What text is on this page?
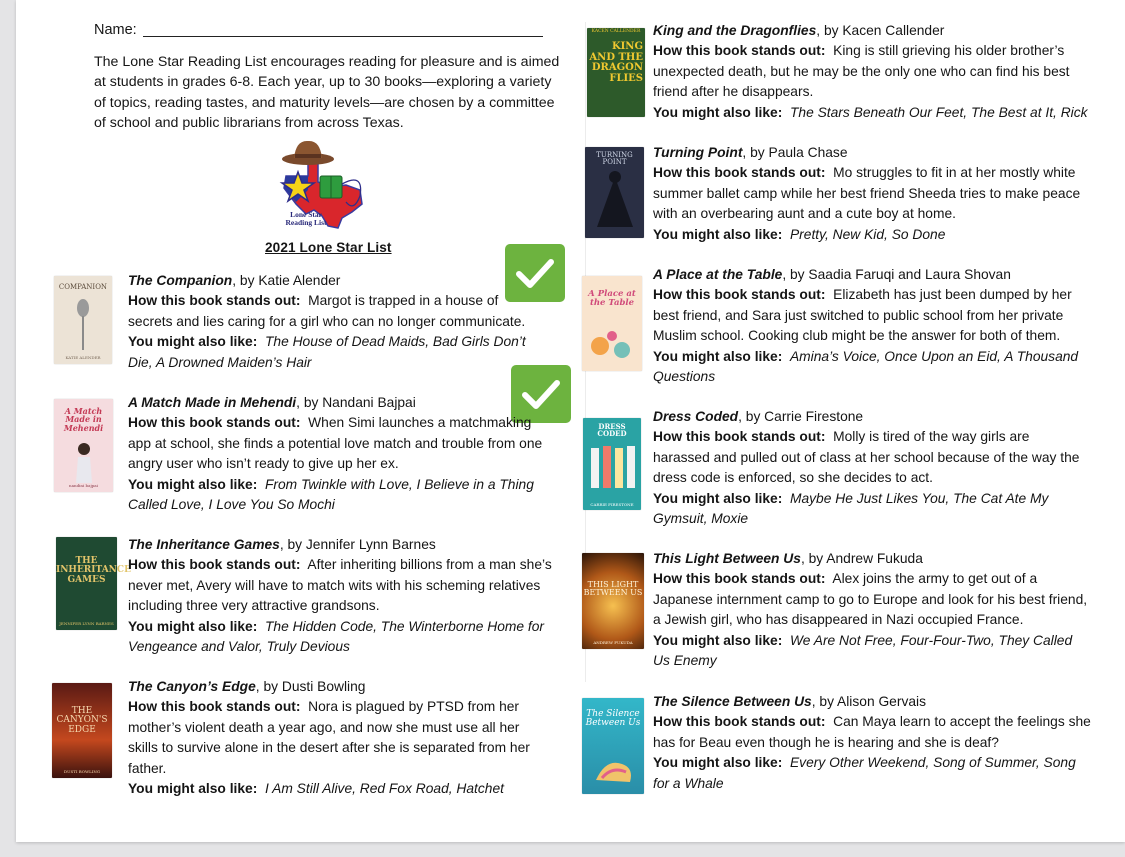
Name:
The Lone Star Reading List encourages reading for pleasure and is aimed at students in grades 6-8. Each year, up to 30 books—exploring a variety of topics, reading tastes, and maturity levels—are chosen by a committee of school and public librarians from across Texas.
Lone Star
Reading List
2021 Lone Star List
COMPANION
KATIE ALENDER
The Companion, by Katie Alender
How this book stands out: Margot is trapped in a house of secrets and lies caring for a girl who can no longer communicate.
You might also like: The House of Dead Maids, Bad Girls Don’t Die, A Drowned Maiden’s Hair
A Match Made in Mehendi
nandini bajpai
A Match Made in Mehendi, by Nandani Bajpai
How this book stands out: When Simi launches a matchmaking app at school, she finds a potential love match and trouble from one angry user who isn’t ready to give up her ex.
You might also like: From Twinkle with Love, I Believe in a Thing Called Love, I Love You So Mochi
THE INHERITANCE GAMES
JENNIFER LYNN BARNES
The Inheritance Games, by Jennifer Lynn Barnes
How this book stands out: After inheriting billions from a man she’s never met, Avery will have to match wits with his scheming relatives including three very attractive grandsons.
You might also like: The Hidden Code, The Winterborne Home for Vengeance and Valor, Truly Devious
THE CANYON'S EDGE
DUSTI BOWLING
The Canyon’s Edge, by Dusti Bowling
How this book stands out: Nora is plagued by PTSD from her mother’s violent death a year ago, and now she must use all her skills to survive alone in the desert after she is separated from her father.
You might also like: I Am Still Alive, Red Fox Road, Hatchet
KACEN CALLENDER
KING AND THE DRAGON FLIES
King and the Dragonflies, by Kacen Callender
How this book stands out: King is still grieving his older brother’s unexpected death, but he may be the only one who can find his best friend after he disappears.
You might also like: The Stars Beneath Our Feet, The Best at It, Rick
TURNING POINT
Turning Point, by Paula Chase
How this book stands out: Mo struggles to fit in at her mostly white summer ballet camp while her best friend Sheeda tries to make peace with an overbearing aunt and a cute boy at home.
You might also like: Pretty, New Kid, So Done
A Place at the Table
A Place at the Table, by Saadia Faruqi and Laura Shovan
How this book stands out: Elizabeth has just been dumped by her best friend, and Sara just switched to public school from her private Muslim school. Cooking club might be the answer for both of them.
You might also like: Amina’s Voice, Once Upon an Eid, A Thousand Questions
DRESS CODED
CARRIE FIRESTONE
Dress Coded, by Carrie Firestone
How this book stands out: Molly is tired of the way girls are harassed and pulled out of class at her school because of the way the dress code is enforced, so she decides to act.
You might also like: Maybe He Just Likes You, The Cat Ate My Gymsuit, Moxie
THIS LIGHT BETWEEN US
ANDREW FUKUDA
This Light Between Us, by Andrew Fukuda
How this book stands out: Alex joins the army to get out of a Japanese internment camp to go to Europe and look for his best friend, a Jewish girl, who has disappeared in Nazi occupied France.
You might also like: We Are Not Free, Four-Four-Two, They Called Us Enemy
The Silence Between Us
The Silence Between Us, by Alison Gervais
How this book stands out: Can Maya learn to accept the feelings she has for Beau even though he is hearing and she is deaf?
You might also like: Every Other Weekend, Song of Summer, Song for a Whale
